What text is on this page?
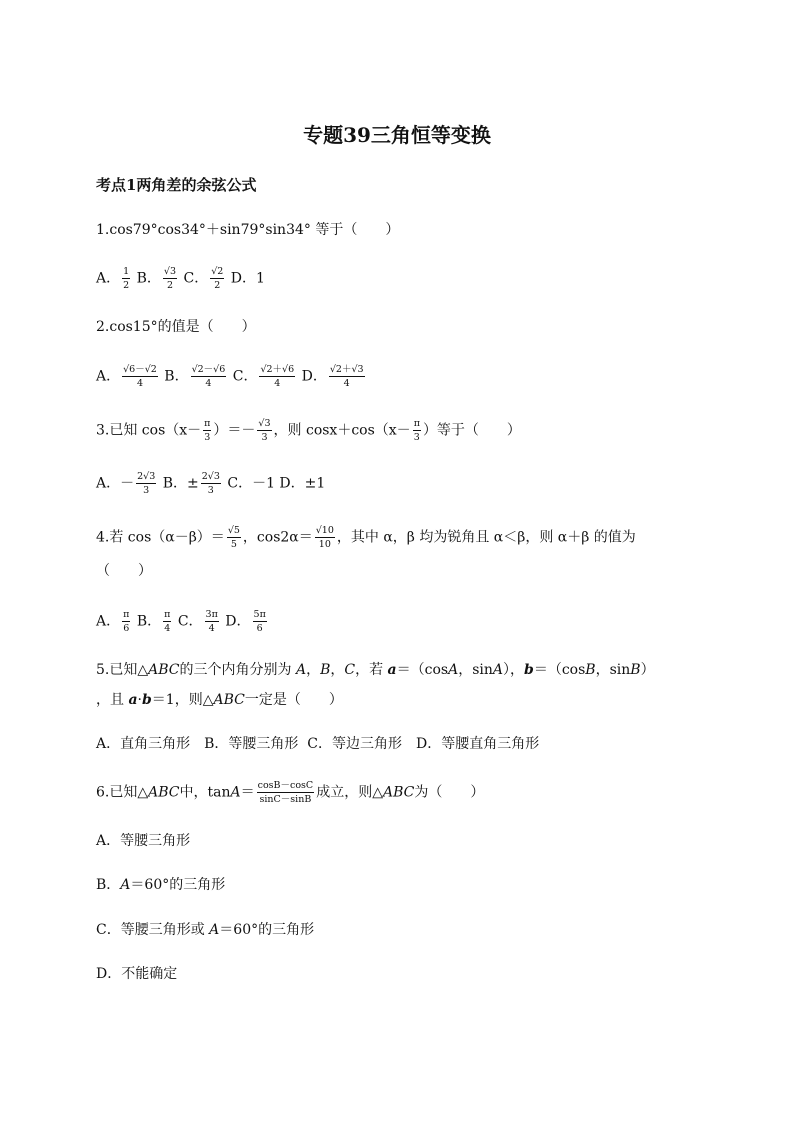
专题39三角恒等变换
考点1两角差的余弦公式
1.cos79°cos34°＋sin79°sin34° 等于（　　）
A． $\frac{1}{2}$ B． $\frac{√3}{2}$ C． $\frac{√2}{2}$ D．1
2.cos15°的值是（　　）
A． $\frac{√6-√2}{4}$ B． $\frac{√2-√6}{4}$ C． $\frac{√2+√6}{4}$ D． $\frac{√2+√3}{4}$
3.已知 $\cos(x- \frac{\pi}{3}$ ）＝－ $\frac{√3}{3}$ ，则 $\cos x+\cos(x- \frac{\pi}{3}$ ）等于（　　）
A．－ $\frac{2√3}{3}$ B．± $\frac{2√3}{3}$ C．－1 D．±1
4.若 $\cos(\alpha-\beta)= \frac{√5}{5}$ ，$\cos 2\alpha= \frac{√10}{10}$ ，其中 α，β 均为锐角且 α＜β，则 α＋β 的值为
（　　）
A． $\frac{\pi}{6}$ B． $\frac{\pi}{4}$ C． $\frac{3\pi}{4}$ D． $\frac{5\pi}{6}$
5.已知△ABC的三个内角分别为 A，B，C，若 a＝（cosA，sinA），b＝（cosB，sinB）
，且 a·b＝1，则△ABC一定是（　　）
A．直角三角形　B．等腰三角形  C．等边三角形　D．等腰直角三角形
6.已知△ABC中，$\tan A= \frac{\cos B-\cos C}{\sin C-\sin B}$ 成立，则△ABC为（　　）
A．等腰三角形
B．A＝60°的三角形
C．等腰三角形或 A＝60°的三角形
D．不能确定
